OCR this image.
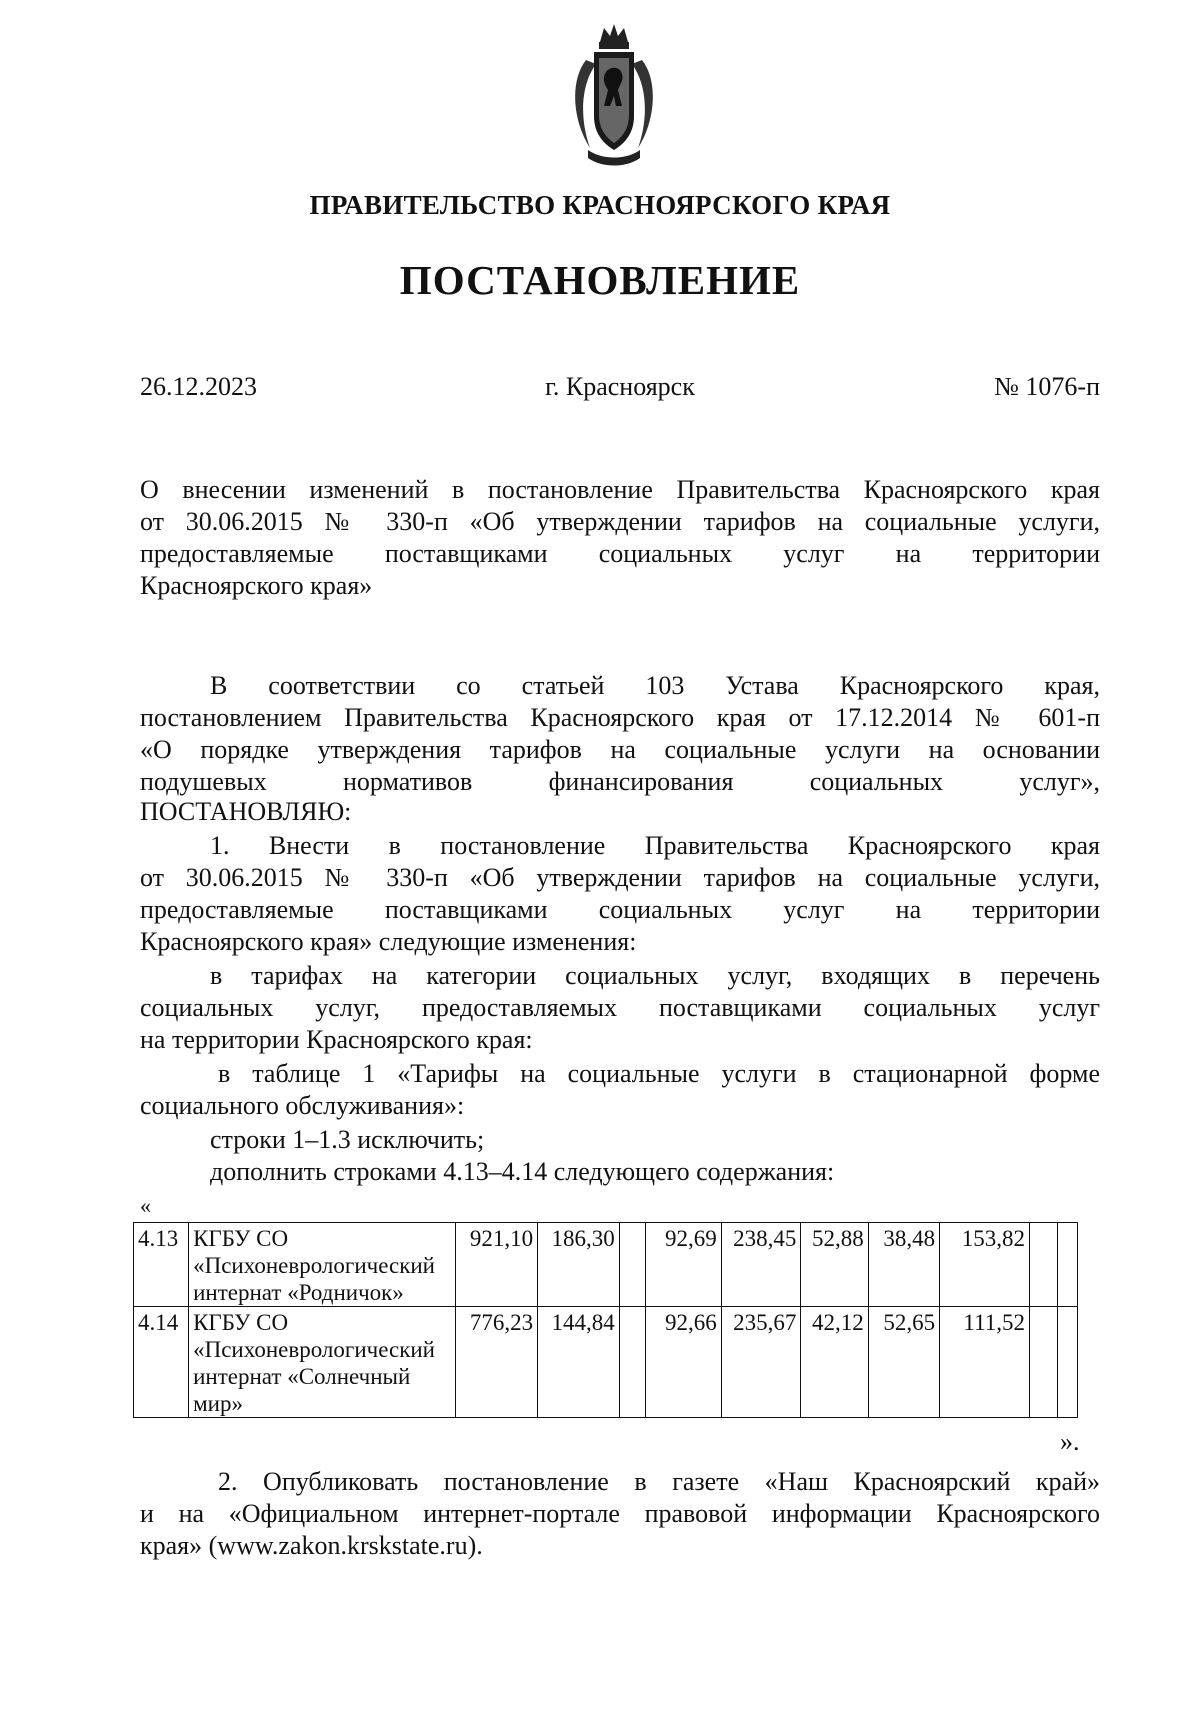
ПРАВИТЕЛЬСТВО КРАСНОЯРСКОГО КРАЯ
ПОСТАНОВЛЕНИЕ
26.12.2023	г. Красноярск	№ 1076-п
О внесении изменений в постановление Правительства Красноярского края
от 30.06.2015 № 330-п «Об утверждении тарифов на социальные услуги,
предоставляемые поставщиками социальных услуг на территории
Красноярского края»
В соответствии со статьей 103 Устава Красноярского края,
постановлением Правительства Красноярского края от 17.12.2014 № 601-п
«О порядке утверждения тарифов на социальные услуги на основании
подушевых нормативов финансирования социальных услуг»,
ПОСТАНОВЛЯЮ:
1. Внести в постановление Правительства Красноярского края
от 30.06.2015 № 330-п «Об утверждении тарифов на социальные услуги,
предоставляемые поставщиками социальных услуг на территории
Красноярского края» следующие изменения:
в тарифах на категории социальных услуг, входящих в перечень
социальных услуг, предоставляемых поставщиками социальных услуг
на территории Красноярского края:
в таблице 1 «Тарифы на социальные услуги в стационарной форме
социального обслуживания»:
строки 1–1.3 исключить;
дополнить строками 4.13–4.14 следующего содержания:
«
4.13	КГБУ СО «Психоневрологический интернат «Родничок»	921,10	186,30		92,69	238,45	52,88	38,48	153,82		
4.14	КГБУ СО «Психоневрологический интернат «Солнечный мир»	776,23	144,84		92,66	235,67	42,12	52,65	111,52		
».
2. Опубликовать постановление в газете «Наш Красноярский край»
и на «Официальном интернет-портале правовой информации Красноярского
края» (www.zakon.krskstate.ru).
